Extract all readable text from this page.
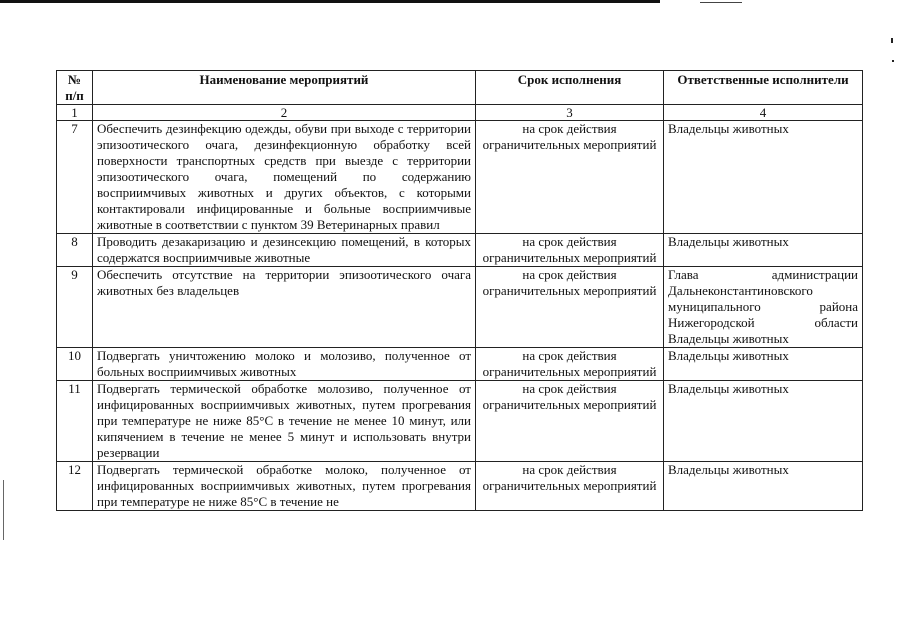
№ п/п	Наименование мероприятий	Срок исполнения	Ответственные исполнители
1	2	3	4
7	Обеспечить дезинфекцию одежды, обуви при выходе с территории эпизоотического очага, дезинфекционную обработку всей поверхности транспортных средств при выезде с территории эпизоотического очага, помещений по содержанию восприимчивых животных и других объектов, с которыми контактировали инфицированные и больные восприимчивые животные в соответствии с пунктом 39 Ветеринарных правил	на срок действия ограничительных мероприятий	Владельцы животных
8	Проводить дезакаризацию и дезинсекцию помещений, в которых содержатся восприимчивые животные	на срок действия ограничительных мероприятий	Владельцы животных
9	Обеспечить отсутствие на территории эпизоотического очага животных без владельцев	на срок действия ограничительных мероприятий	Глава администрации Дальнеконстантиновского муниципального района Нижегородской области Владельцы животных
10	Подвергать уничтожению молоко и молозиво, полученное от больных восприимчивых животных	на срок действия ограничительных мероприятий	Владельцы животных
11	Подвергать термической обработке молозиво, полученное от инфицированных восприимчивых животных, путем прогревания при температуре не ниже 85°С в течение не менее 10 минут, или кипячением в течение не менее 5 минут и использовать внутри резервации	на срок действия ограничительных мероприятий	Владельцы животных
12	Подвергать термической обработке молоко, полученное от инфицированных восприимчивых животных, путем прогревания при температуре не ниже 85°С в течение не	на срок действия ограничительных мероприятий	Владельцы животных
